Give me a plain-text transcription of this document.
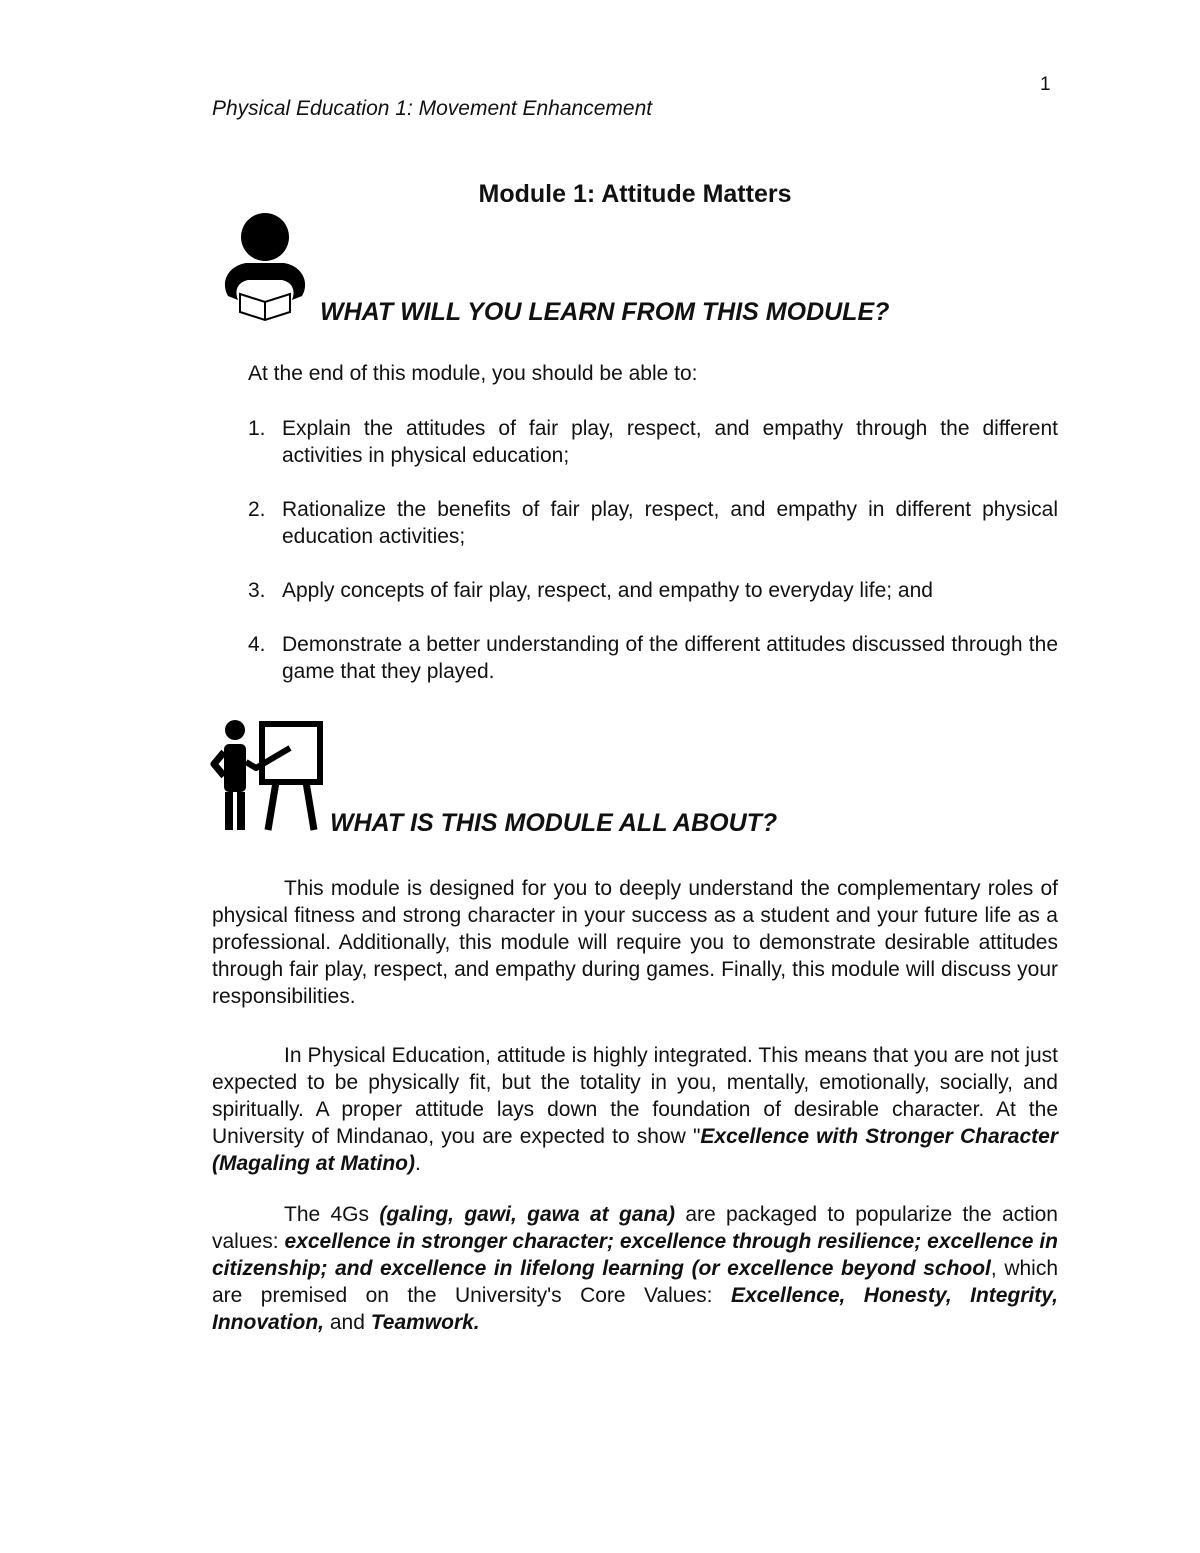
1
Physical Education 1: Movement Enhancement
Module 1: Attitude Matters
WHAT WILL YOU LEARN FROM THIS MODULE?
At the end of this module, you should be able to:
1. Explain the attitudes of fair play, respect, and empathy through the different activities in physical education;
2. Rationalize the benefits of fair play, respect, and empathy in different physical education activities;
3. Apply concepts of fair play, respect, and empathy to everyday life; and
4. Demonstrate a better understanding of the different attitudes discussed through the game that they played.
WHAT IS THIS MODULE ALL ABOUT?

This module is designed for you to deeply understand the complementary roles of physical fitness and strong character in your success as a student and your future life as a professional. Additionally, this module will require you to demonstrate desirable attitudes through fair play, respect, and empathy during games. Finally, this module will discuss your responsibilities.

In Physical Education, attitude is highly integrated. This means that you are not just expected to be physically fit, but the totality in you, mentally, emotionally, socially, and spiritually. A proper attitude lays down the foundation of desirable character. At the University of Mindanao, you are expected to show "Excellence with Stronger Character (Magaling at Matino).

The 4Gs (galing, gawi, gawa at gana) are packaged to popularize the action values: excellence in stronger character; excellence through resilience; excellence in citizenship; and excellence in lifelong learning (or excellence beyond school, which are premised on the University's Core Values: Excellence, Honesty, Integrity, Innovation, and Teamwork.
